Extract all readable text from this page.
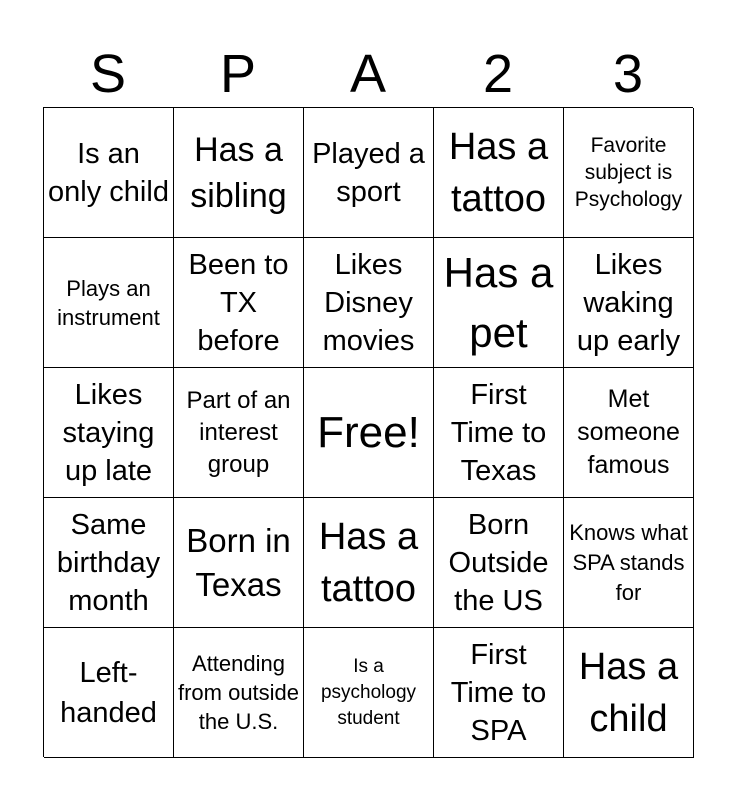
S	P	A	2	3
Is an only child
Has a sibling
Played a sport
Has a tattoo
Favorite subject is Psychology
Plays an instrument
Been to TX before
Likes Disney movies
Has a pet
Likes waking up early
Likes staying up late
Part of an interest group
Free!
First Time to Texas
Met someone famous
Same birthday month
Born in Texas
Has a tattoo
Born Outside the US
Knows what SPA stands for
Left-handed
Attending from outside the U.S.
Is a psychology student
First Time to SPA
Has a child
